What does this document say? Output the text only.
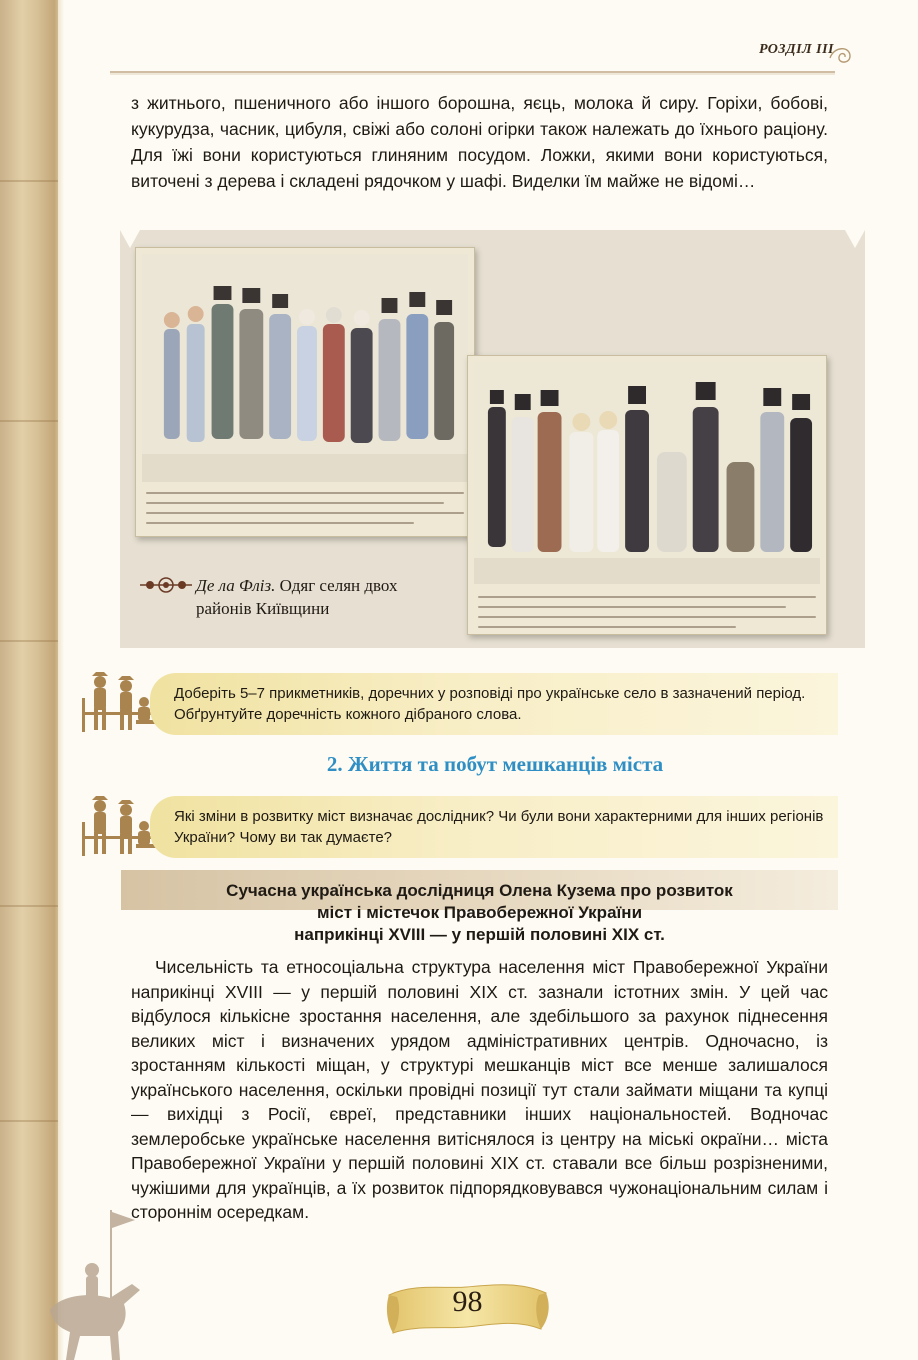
РОЗДІЛ ІІІ

з житнього, пшеничного або іншого борошна, яєць, молока й сиру. Горіхи, бобові, кукурудза, часник, цибуля, свіжі або солоні огірки також належать до їхнього раціону. Для їжі вони користуються глиняним посудом. Ложки, якими вони користуються, виточені з дерева і складені рядочком у шафі. Виделки їм майже не відомі…

Де ла Фліз. Одяг селян двох
районів Київщини
Доберіть 5–7 прикметників, доречних у розповіді про українське село в зазначений період. Обґрунтуйте доречність кожного дібраного слова.
2. Життя та побут мешканців міста
Які зміни в розвитку міст визначає дослідник? Чи були вони характерними для інших регіонів України? Чому ви так думаєте?
Сучасна українська дослідниця Олена Кузема про розвиток
міст і містечок Правобережної України
наприкінці XVIII — у першій половині XIX ст.

Чисельність та етносоціальна структура населення міст Правобережної України наприкінці XVIII — у першій половині XIX ст. зазнали істотних змін. У цей час відбулося кількісне зростання населення, але здебільшого за рахунок піднесення великих міст і визначених урядом адміністративних центрів. Одночасно, із зростанням кількості міщан, у структурі мешканців міст все менше залишалося українського населення, оскільки провідні позиції тут стали займати міщани та купці — вихідці з Росії, євреї, представники інших національностей. Водночас землеробське українське населення витіснялося із центру на міські окраїни… міста Правобережної України у першій половині XIX ст. ставали все більш розрізненими, чужішими для українців, а їх розвиток підпорядковувався чужонаціональним силам і стороннім осередкам.

98
